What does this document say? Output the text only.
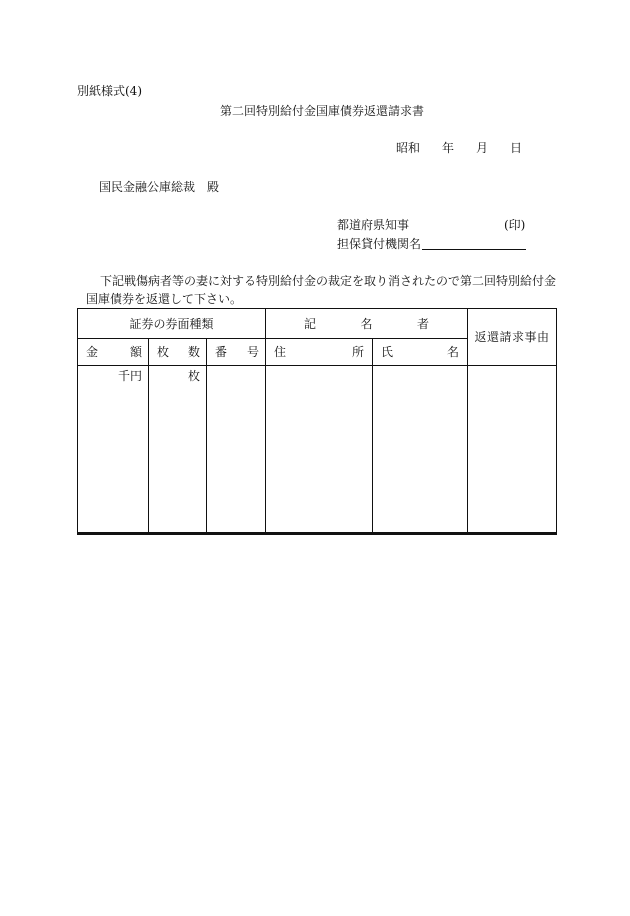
別紙様式(4)
第二回特別給付金国庫債券返還請求書
昭和 年 月 日
国民金融公庫総裁　殿
都道府県知事	(印)
担保貸付機関名
下記戦傷病者等の妻に対する特別給付金の裁定を取り消されたので第二回特別給付金
国庫債券を返還して下さい。
証券の券面種類			記 名 者		返還請求事由

金 額	枚 数	番 号	住 所	氏 名	

千円	枚				
